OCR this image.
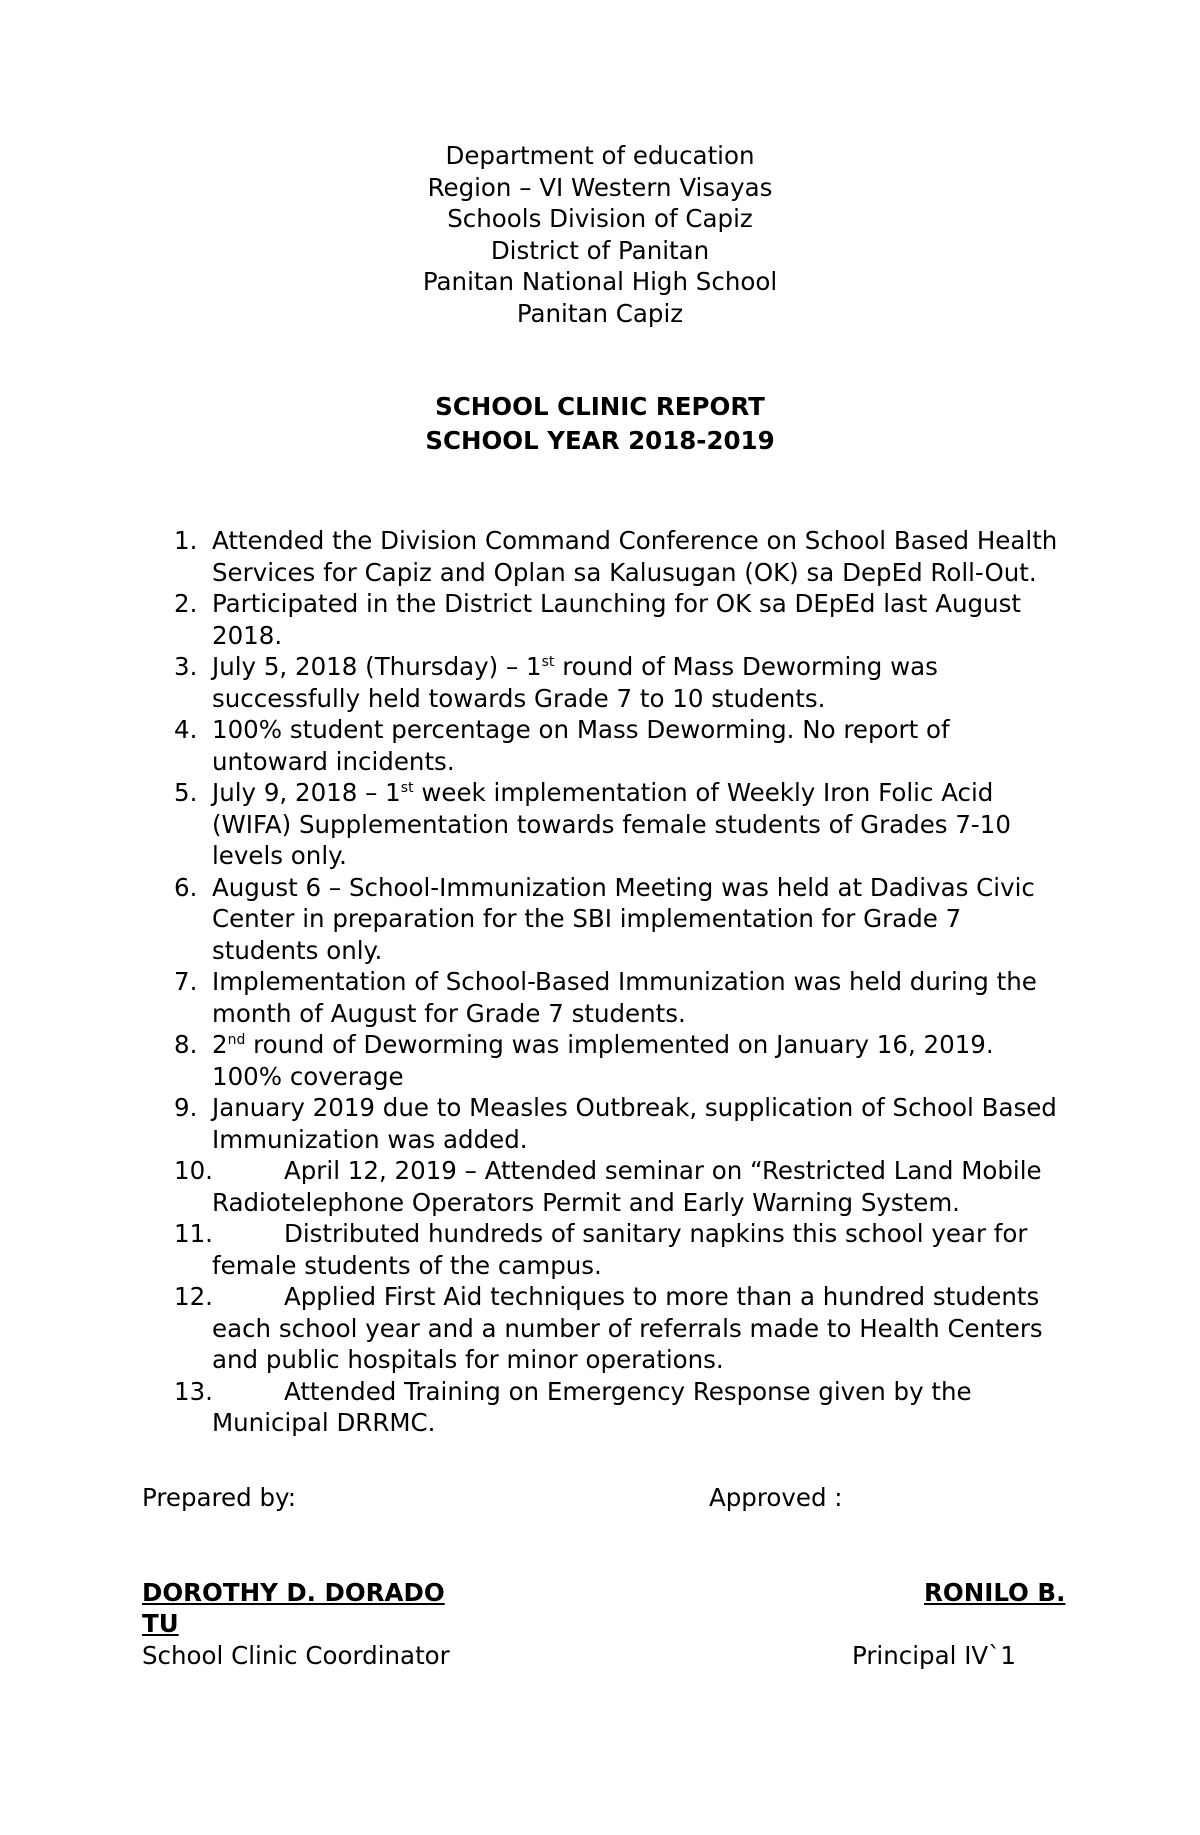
Department of education
Region – VI Western Visayas
Schools Division of Capiz
District of Panitan
Panitan National High School
Panitan Capiz
SCHOOL CLINIC REPORT
SCHOOL YEAR 2018-2019
1. Attended the Division Command Conference on School Based Health Services for Capiz and Oplan sa Kalusugan (OK) sa DepEd Roll-Out.
2. Participated in the District Launching for OK sa DEpEd last August 2018.
3. July 5, 2018 (Thursday) – 1st round of Mass Deworming was successfully held towards Grade 7 to 10 students.
4. 100% student percentage on Mass Deworming. No report of untoward incidents.
5. July 9, 2018 – 1st week implementation of Weekly Iron Folic Acid (WIFA) Supplementation towards female students of Grades 7-10 levels only.
6. August 6 – School-Immunization Meeting was held at Dadivas Civic Center in preparation for the SBI implementation for Grade 7 students only.
7. Implementation of School-Based Immunization was held during the month of August for Grade 7 students.
8. 2nd round of Deworming was implemented on January 16, 2019. 100% coverage
9. January 2019 due to Measles Outbreak, supplication of School Based Immunization was added.
10.	April 12, 2019 – Attended seminar on “Restricted Land Mobile Radiotelephone Operators Permit and Early Warning System.
11.	Distributed hundreds of sanitary napkins this school year for female students of the campus.
12.	Applied First Aid techniques to more than a hundred students each school year and a number of referrals made to Health Centers and public hospitals for minor operations.
13.	Attended Training on Emergency Response given by the Municipal DRRMC.
Prepared by:	Approved :
DOROTHY D. DORADO	RONILO B.
TU
School Clinic Coordinator	Principal IV`1
